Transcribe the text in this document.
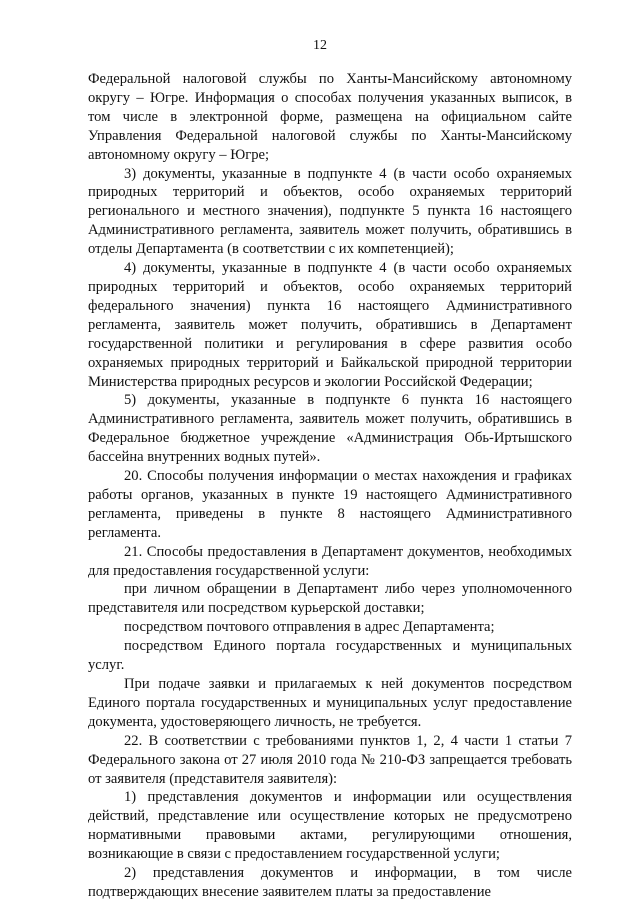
12

Федеральной налоговой службы по Ханты-Мансийскому автономному округу – Югре. Информация о способах получения указанных выписок, в том числе в электронной форме, размещена на официальном сайте Управления Федеральной налоговой службы по Ханты-Мансийскому автономному округу – Югре;

3) документы, указанные в подпункте 4 (в части особо охраняемых природных территорий и объектов, особо охраняемых территорий регионального и местного значения), подпункте 5 пункта 16 настоящего Административного регламента, заявитель может получить, обратившись в отделы Департамента (в соответствии с их компетенцией);

4) документы, указанные в подпункте 4 (в части особо охраняемых природных территорий и объектов, особо охраняемых территорий федерального значения) пункта 16 настоящего Административного регламента, заявитель может получить, обратившись в Департамент государственной политики и регулирования в сфере развития особо охраняемых природных территорий и Байкальской природной территории Министерства природных ресурсов и экологии Российской Федерации;

5) документы, указанные в подпункте 6 пункта 16 настоящего Административного регламента, заявитель может получить, обратившись в Федеральное бюджетное учреждение «Администрация Обь-Иртышского бассейна внутренних водных путей».

20. Способы получения информации о местах нахождения и графиках работы органов, указанных в пункте 19 настоящего Административного регламента, приведены в пункте 8 настоящего Административного регламента.

21. Способы предоставления в Департамент документов, необходимых для предоставления государственной услуги:

при личном обращении в Департамент либо через уполномоченного представителя или посредством курьерской доставки;

посредством почтового отправления в адрес Департамента;

посредством Единого портала государственных и муниципальных услуг.

При подаче заявки и прилагаемых к ней документов посредством Единого портала государственных и муниципальных услуг предоставление документа, удостоверяющего личность, не требуется.

22. В соответствии с требованиями пунктов 1, 2, 4 части 1 статьи 7 Федерального закона от 27 июля 2010 года № 210-ФЗ запрещается требовать от заявителя (представителя заявителя):

1) представления документов и информации или осуществления действий, представление или осуществление которых не предусмотрено нормативными правовыми актами, регулирующими отношения, возникающие в связи с предоставлением государственной услуги;

2) представления документов и информации, в том числе подтверждающих внесение заявителем платы за предоставление
